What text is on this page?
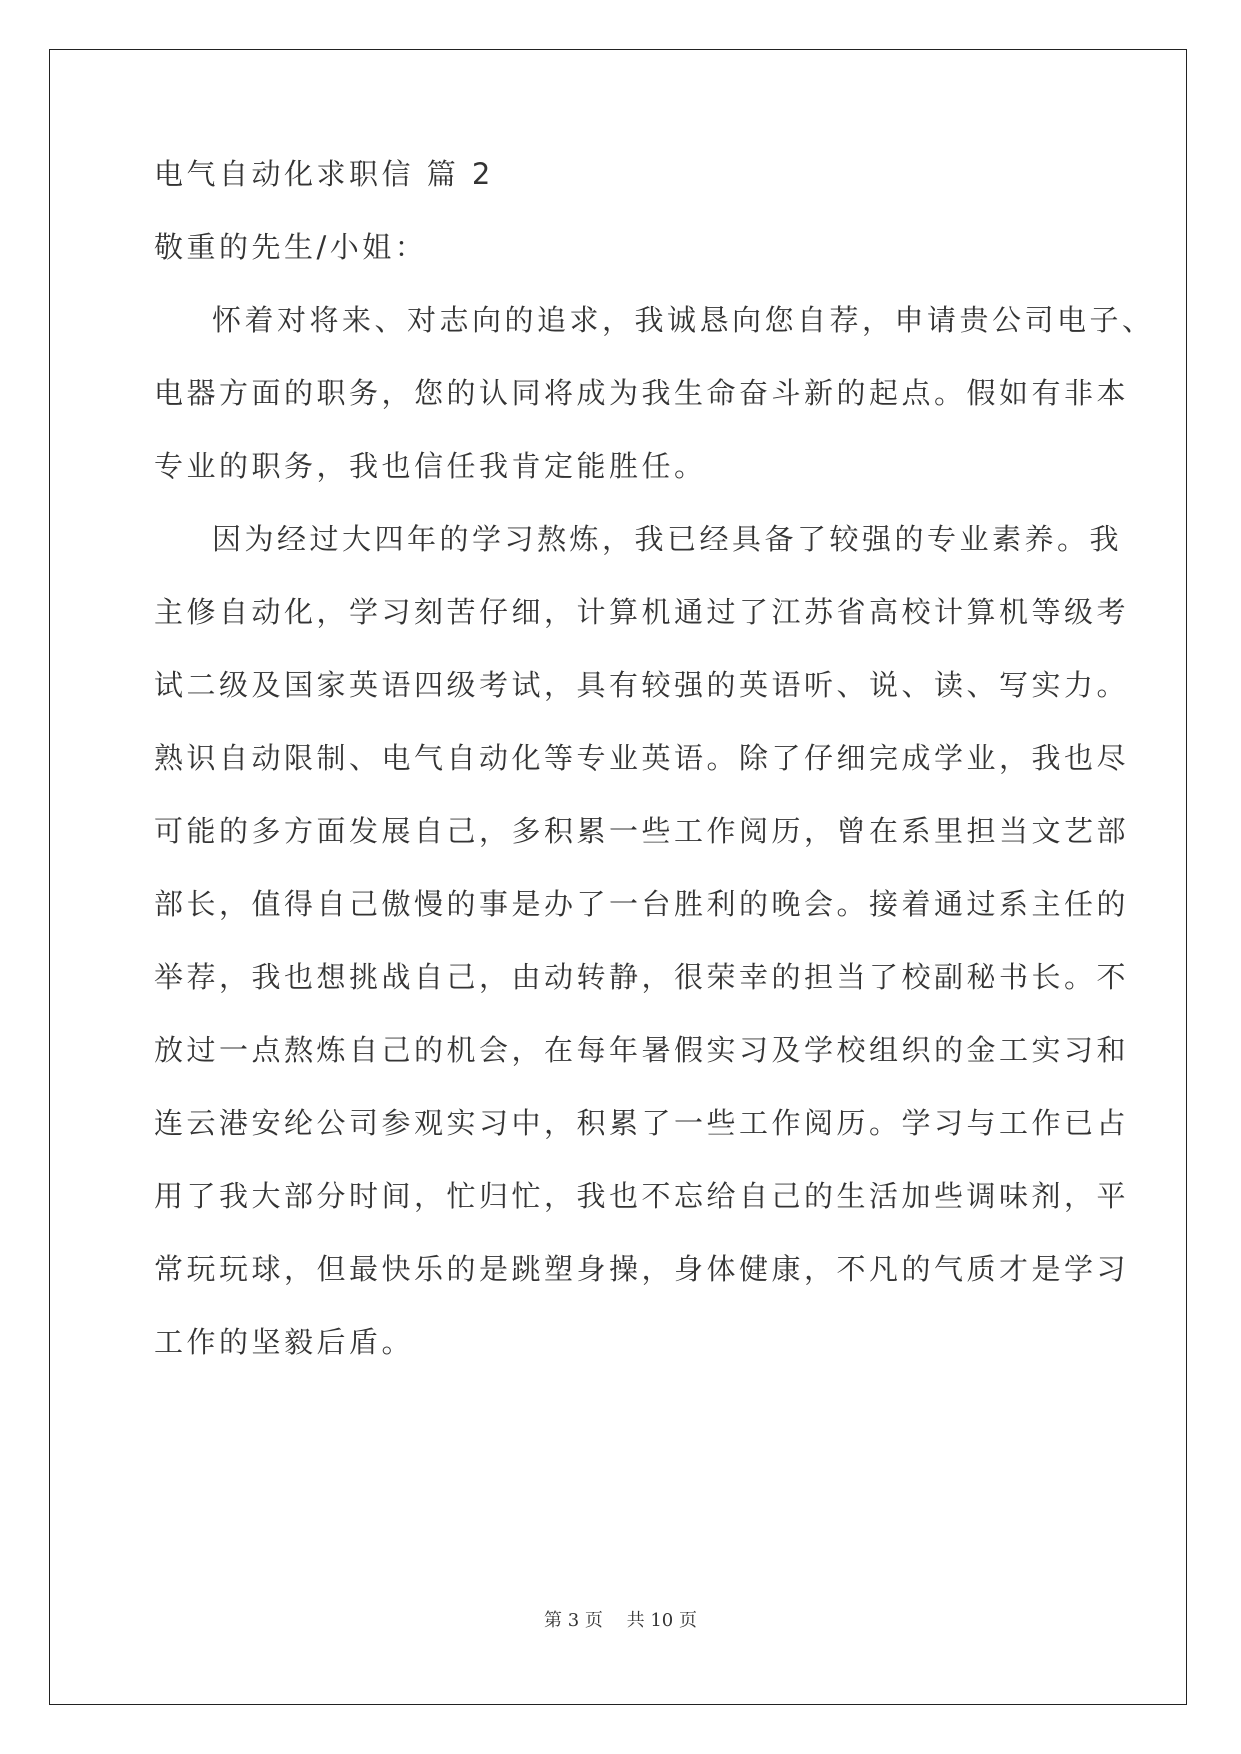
电气自动化求职信 篇 2
敬重的先生/小姐：
怀着对将来、对志向的追求，我诚恳向您自荐，申请贵公司电子、
电器方面的职务，您的认同将成为我生命奋斗新的起点。假如有非本
专业的职务，我也信任我肯定能胜任。
因为经过大四年的学习熬炼，我已经具备了较强的专业素养。我
主修自动化，学习刻苦仔细，计算机通过了江苏省高校计算机等级考
试二级及国家英语四级考试，具有较强的英语听、说、读、写实力。
熟识自动限制、电气自动化等专业英语。除了仔细完成学业，我也尽
可能的多方面发展自己，多积累一些工作阅历，曾在系里担当文艺部
部长，值得自己傲慢的事是办了一台胜利的晚会。接着通过系主任的
举荐，我也想挑战自己，由动转静，很荣幸的担当了校副秘书长。不
放过一点熬炼自己的机会，在每年暑假实习及学校组织的金工实习和
连云港安纶公司参观实习中，积累了一些工作阅历。学习与工作已占
用了我大部分时间，忙归忙，我也不忘给自己的生活加些调味剂，平
常玩玩球，但最快乐的是跳塑身操，身体健康，不凡的气质才是学习
工作的坚毅后盾。
第 3 页　 共 10 页
